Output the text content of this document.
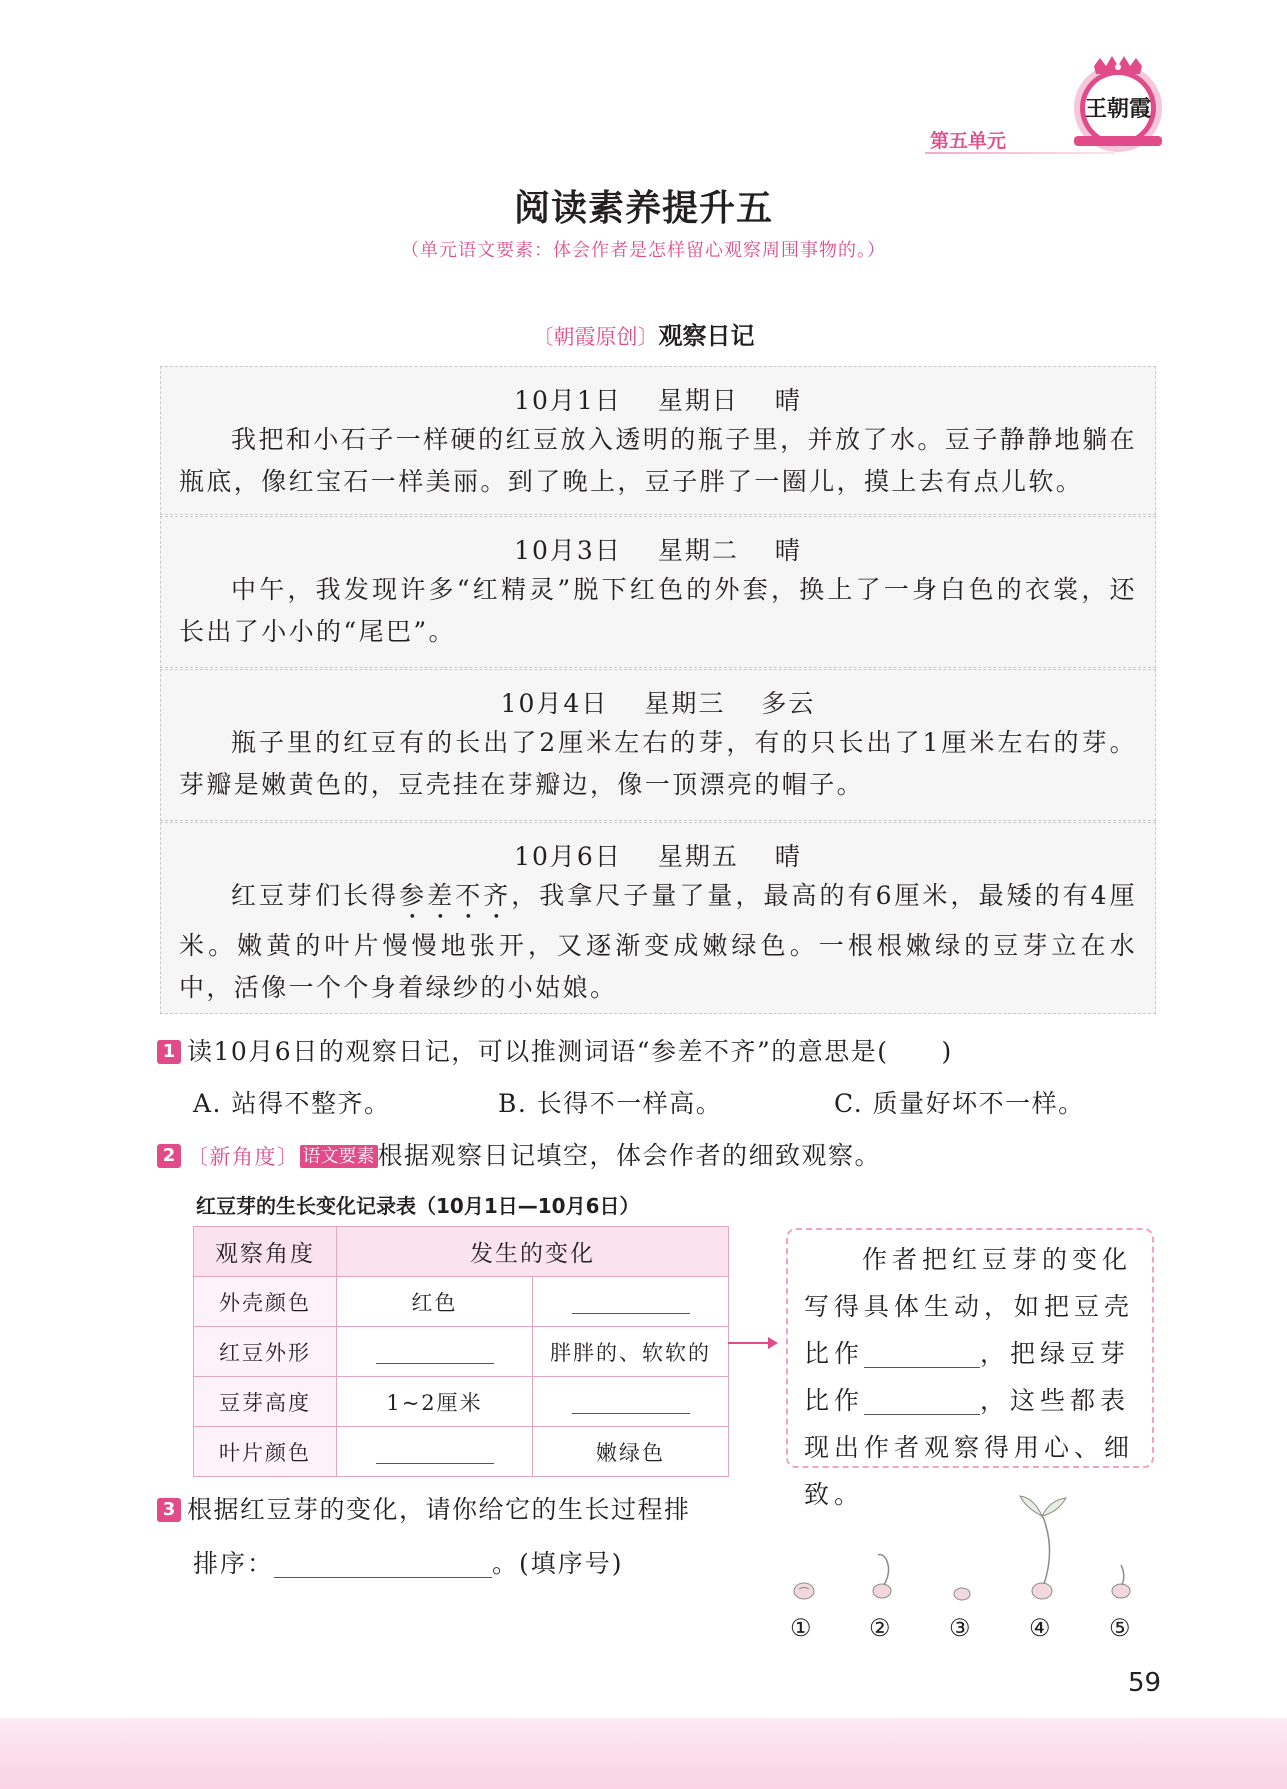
王朝霞
第五单元
阅读素养提升五
（单元语文要素：体会作者是怎样留心观察周围事物的。）
〔朝霞原创〕观察日记
10月1日 星期日 晴
我把和小石子一样硬的红豆放入透明的瓶子里，并放了水。豆子静静地躺在瓶底，像红宝石一样美丽。到了晚上，豆子胖了一圈儿，摸上去有点儿软。
10月3日 星期二 晴
中午，我发现许多“红精灵”脱下红色的外套，换上了一身白色的衣裳，还长出了小小的“尾巴”。
10月4日 星期三 多云
瓶子里的红豆有的长出了2厘米左右的芽，有的只长出了1厘米左右的芽。芽瓣是嫩黄色的，豆壳挂在芽瓣边，像一顶漂亮的帽子。
10月6日 星期五 晴
红豆芽们长得参差不齐，我拿尺子量了量，最高的有6厘米，最矮的有4厘米。嫩黄的叶片慢慢地张开，又逐渐变成嫩绿色。一根根嫩绿的豆芽立在水中，活像一个个身着绿纱的小姑娘。
1 读10月6日的观察日记，可以推测词语“参差不齐”的意思是(　　)
A. 站得不整齐。	B. 长得不一样高。	C. 质量好坏不一样。
2 〔新角度〕 语文要素 根据观察日记填空，体会作者的细致观察。
红豆芽的生长变化记录表（10月1日—10月6日）
观察角度	发生的变化	
外壳颜色	红色	
红豆外形		胖胖的、软软的
豆芽高度	1~2厘米	
叶片颜色		嫩绿色
作者把红豆芽的变化写得具体生动，如把豆壳比作	，把绿豆芽比作	，这些都表现出作者观察得用心、细致。
3 根据红豆芽的变化，请你给它的生长过程排
排序：	。(填序号)
① ② ③ ④ ⑤
59
